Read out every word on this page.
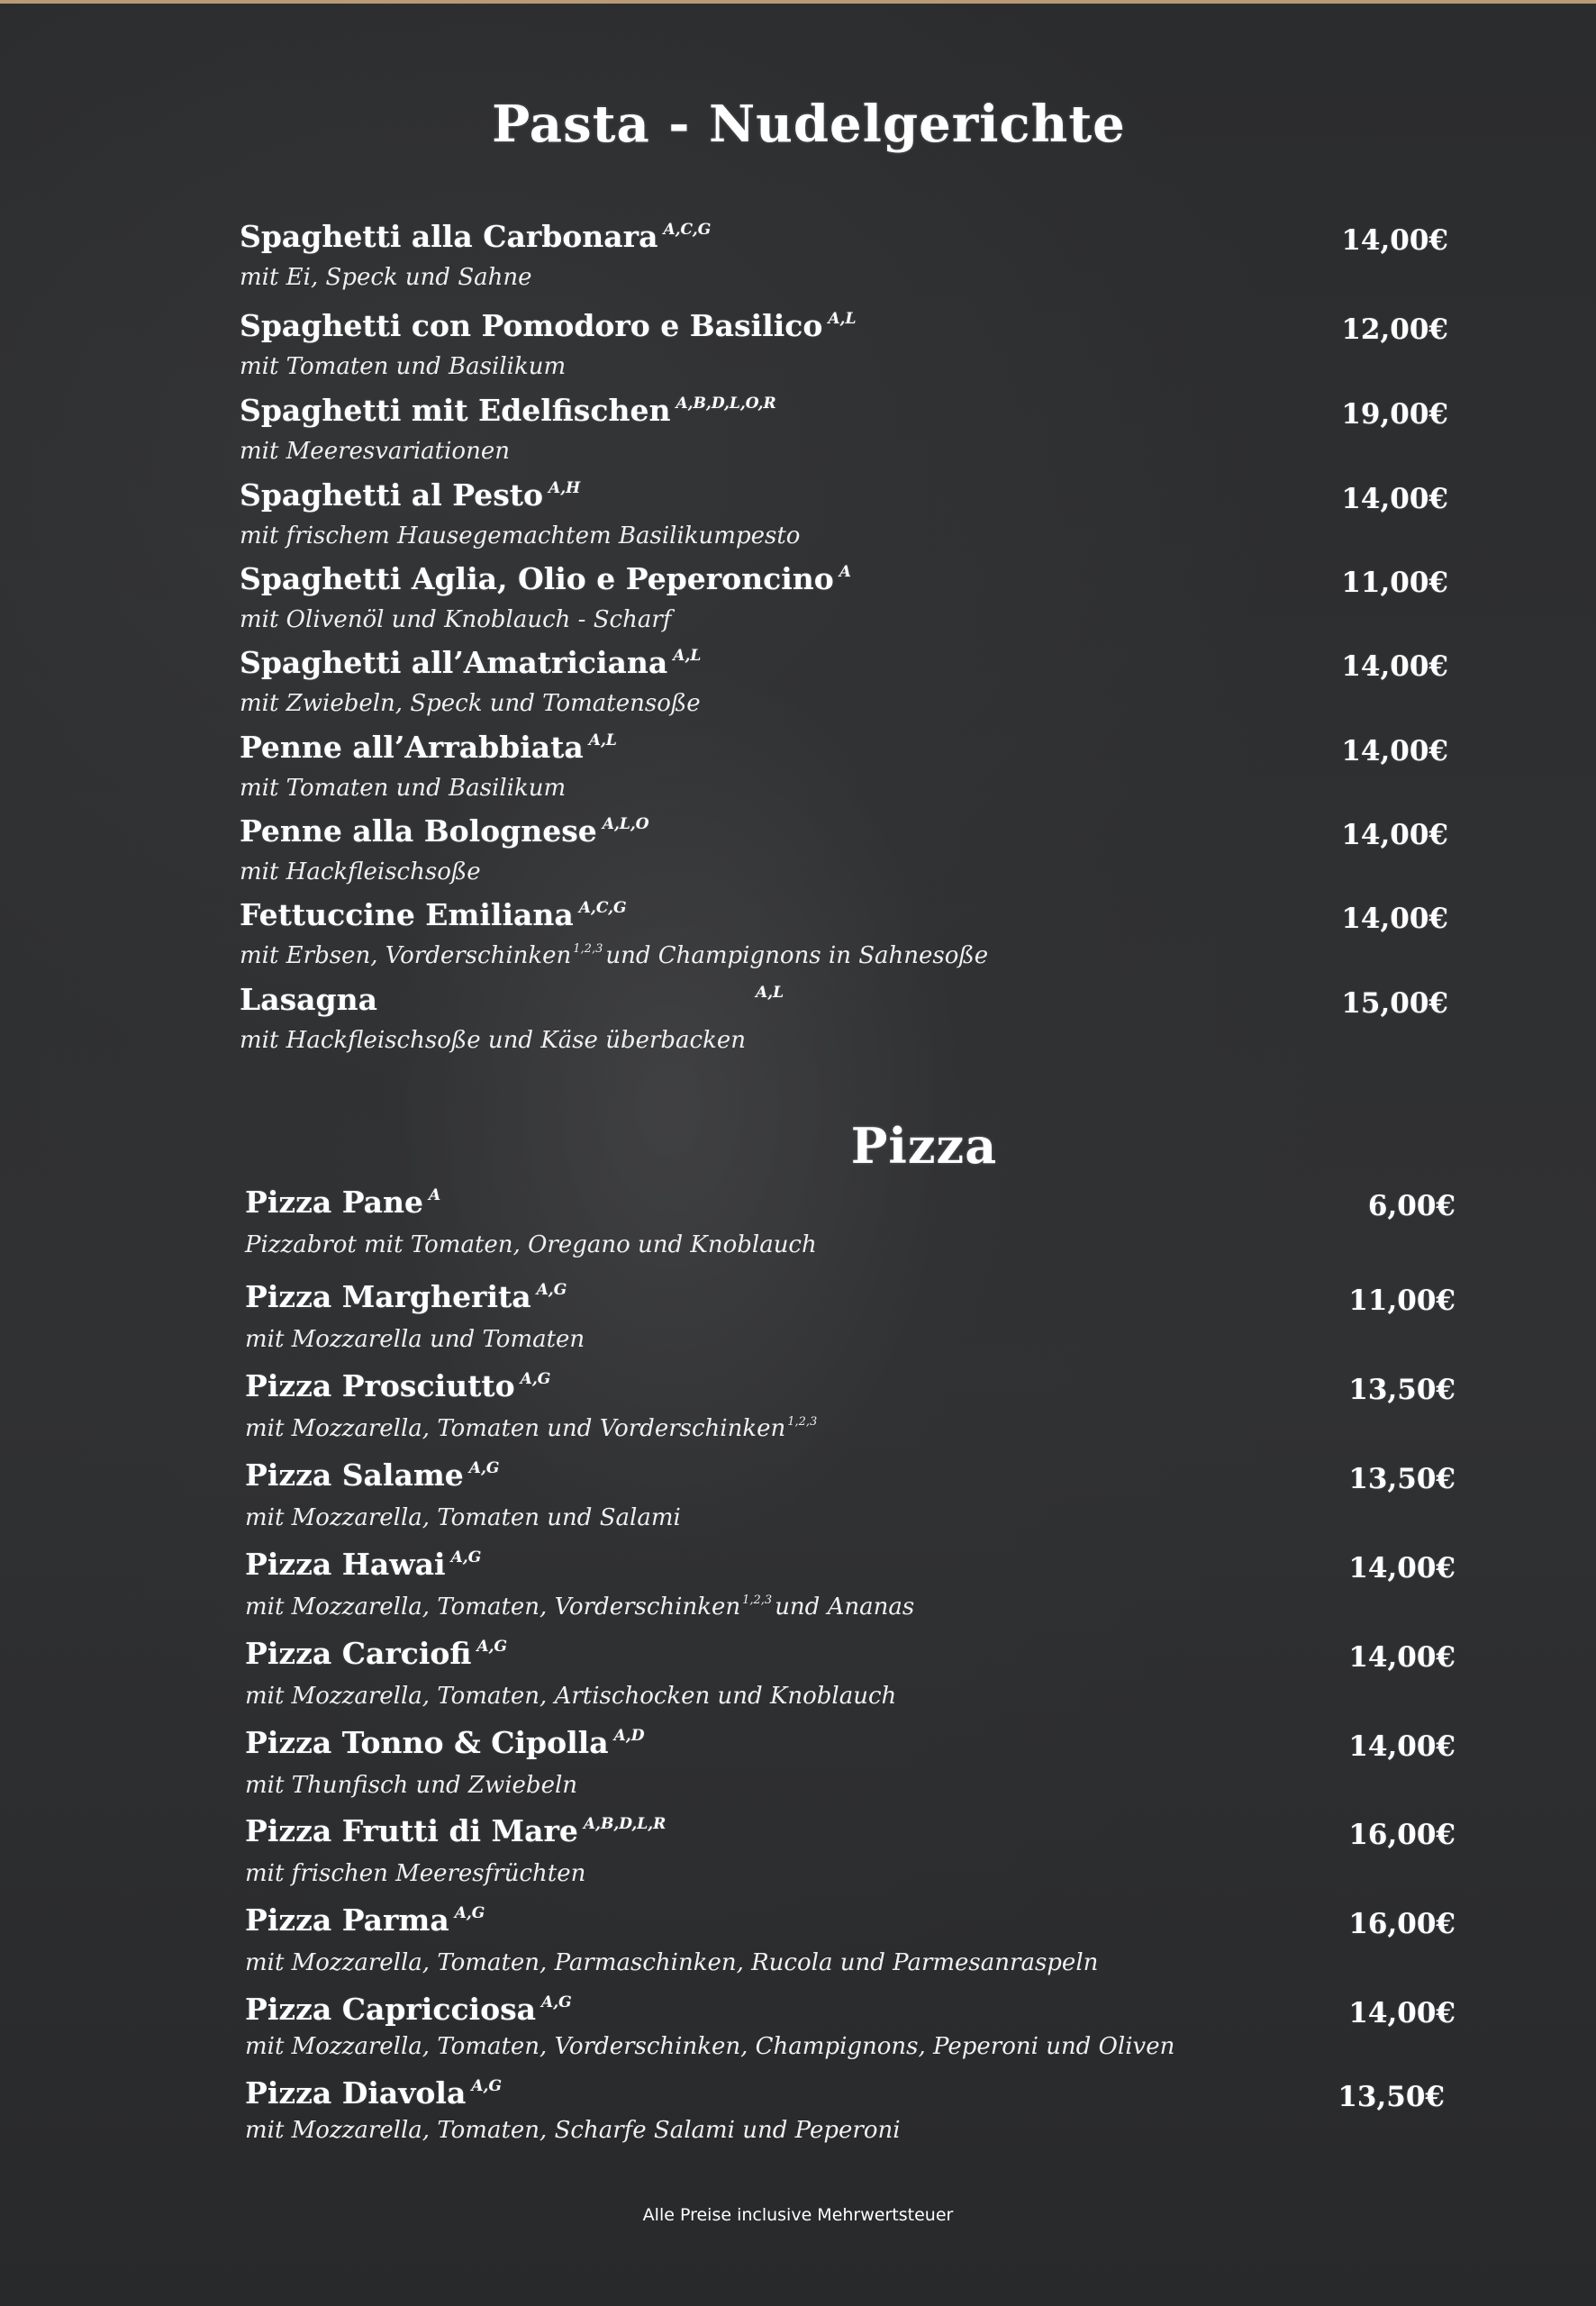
Pasta - Nudelgerichte
Spaghetti alla Carbonara $^{A,C,G}$
mit Ei, Speck und Sahne
14,00€
Spaghetti con Pomodoro e Basilico $^{A,L}$
mit Tomaten und Basilikum
12,00€
Spaghetti mit Edelfischen $^{A,B,D,L,O,R}$
mit Meeresvariationen
19,00€
Spaghetti al Pesto $^{A,H}$
mit frischem Hausegemachtem Basilikumpesto
14,00€
Spaghetti Aglia, Olio e Peperoncino $^A$
mit Olivenöl und Knoblauch - Scharf
11,00€
Spaghetti all’Amatriciana $^{A,L}$
mit Zwiebeln, Speck und Tomatensoße
14,00€
Penne all’Arrabbiata $^{A,L}$
mit Tomaten und Basilikum
14,00€
Penne alla Bolognese $^{A,L,O}$
mit Hackfleischsoße
14,00€
Fettuccine Emiliana $^{A,C,G}$
mit Erbsen, Vorderschinken $^{1,2,3}$ und Champignons in Sahnesoße
14,00€
Lasagna	$^{A,L}$
mit Hackfleischsoße und Käse überbacken
15,00€
Pizza
Pizza Pane $^A$
Pizzabrot mit Tomaten, Oregano und Knoblauch
6,00€
Pizza Margherita $^{A,G}$
mit Mozzarella und Tomaten
11,00€
Pizza Prosciutto $^{A,G}$
mit Mozzarella, Tomaten und Vorderschinken $^{1,2,3}$
13,50€
Pizza Salame $^{A,G}$
mit Mozzarella, Tomaten und Salami
13,50€
Pizza Hawai $^{A,G}$
mit Mozzarella, Tomaten, Vorderschinken $^{1,2,3}$ und Ananas
14,00€
Pizza Carciofi $^{A,G}$
mit Mozzarella, Tomaten, Artischocken und Knoblauch
14,00€
Pizza Tonno & Cipolla $^{A,D}$
mit Thunfisch und Zwiebeln
14,00€
Pizza Frutti di Mare $^{A,B,D,L,R}$
mit frischen Meeresfrüchten
16,00€
Pizza Parma $^{A,G}$
mit Mozzarella, Tomaten, Parmaschinken, Rucola und Parmesanraspeln
16,00€
Pizza Capricciosa $^{A,G}$
mit Mozzarella, Tomaten, Vorderschinken, Champignons, Peperoni und Oliven
14,00€
Pizza Diavola $^{A,G}$
mit Mozzarella, Tomaten, Scharfe Salami und Peperoni
13,50€
Alle Preise inclusive Mehrwertsteuer
